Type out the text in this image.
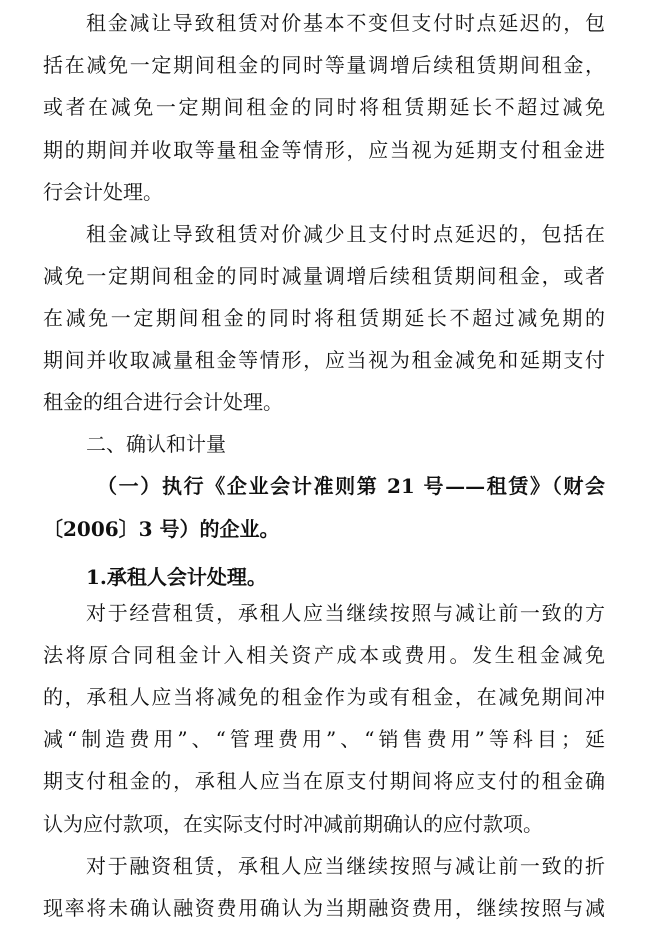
租金减让导致租赁对价基本不变但支付时点延迟的，包
括在减免一定期间租金的同时等量调增后续租赁期间租金，
或者在减免一定期间租金的同时将租赁期延长不超过减免
期的期间并收取等量租金等情形，应当视为延期支付租金进
行会计处理。
租金减让导致租赁对价减少且支付时点延迟的，包括在
减免一定期间租金的同时减量调增后续租赁期间租金，或者
在减免一定期间租金的同时将租赁期延长不超过减免期的
期间并收取减量租金等情形，应当视为租金减免和延期支付
租金的组合进行会计处理。
二、确认和计量
（一）执行《企业会计准则第 21 号——租赁》（财会
〔2006〕3 号）的企业。
1.承租人会计处理。
对于经营租赁，承租人应当继续按照与减让前一致的方
法将原合同租金计入相关资产成本或费用。发生租金减免
的，承租人应当将减免的租金作为或有租金，在减免期间冲
减“制造费用”、“管理费用”、“销售费用”等科目；延
期支付租金的，承租人应当在原支付期间将应支付的租金确
认为应付款项，在实际支付时冲减前期确认的应付款项。
对于融资租赁，承租人应当继续按照与减让前一致的折
现率将未确认融资费用确认为当期融资费用，继续按照与减
